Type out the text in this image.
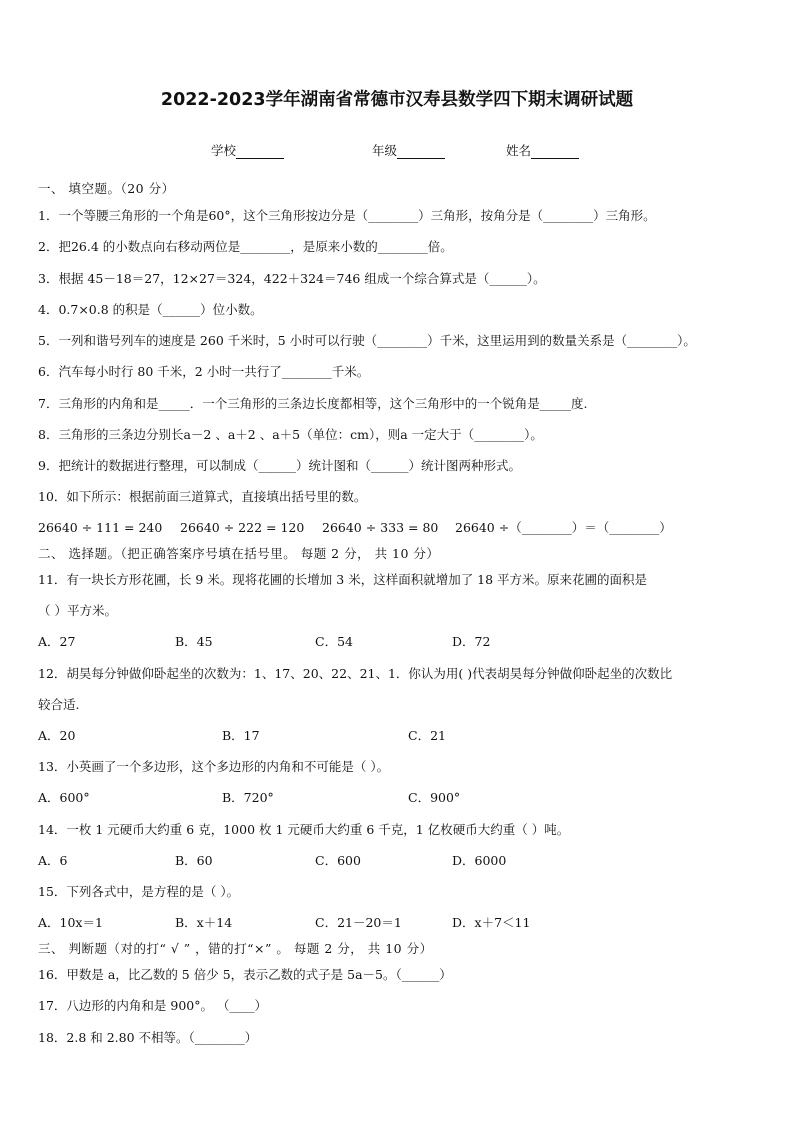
2022-2023学年湖南省常德市汉寿县数学四下期末调研试题
学校	年级	姓名
一、 填空题。（20 分）
1．一个等腰三角形的一个角是60°，这个三角形按边分是（________）三角形，按角分是（________）三角形。
2．把26.4 的小数点向右移动两位是________，是原来小数的________倍。
3．根据 45－18＝27，12×27＝324，422＋324＝746 组成一个综合算式是（______）。
4．0.7×0.8 的积是（______）位小数。
5．一列和谐号列车的速度是 260 千米时，5 小时可以行驶（________）千米，这里运用到的数量关系是（________）。
6．汽车每小时行 80 千米，2 小时一共行了________千米。
7．三角形的内角和是_____．一个三角形的三条边长度都相等，这个三角形中的一个锐角是_____度.
8．三角形的三条边分别长a－2 、a＋2 、a＋5（单位：cm），则a 一定大于（________）。
9．把统计的数据进行整理，可以制成（______）统计图和（______）统计图两种形式。
10．如下所示：根据前面三道算式，直接填出括号里的数。
26640 ÷ 111 = 240 26640 ÷ 222 = 120 26640 ÷ 333 = 80 26640 ÷（________）＝（________）
二、 选择题。（把正确答案序号填在括号里。 每题 2 分， 共 10 分）
11．有一块长方形花圃，长 9 米。现将花圃的长增加 3 米，这样面积就增加了 18 平方米。原来花圃的面积是
（ ）平方米。
A．27	B．45	C．54	D．72
12．胡昊每分钟做仰卧起坐的次数为：1、17、20、22、21、1．你认为用( )代表胡昊每分钟做仰卧起坐的次数比
较合适.
A．20	B．17	C．21
13．小英画了一个多边形，这个多边形的内角和不可能是（ ）。
A．600°	B．720°	C．900°
14．一枚 1 元硬币大约重 6 克，1000 枚 1 元硬币大约重 6 千克，1 亿枚硬币大约重（ ）吨。
A．6	B．60	C．600	D．6000
15．下列各式中，是方程的是（ ）。
A．10x＝1	B．x＋14	C．21－20＝1	D．x＋7＜11
三、 判断题（对的打“ √ ” ，错的打“×” 。 每题 2 分， 共 10 分）
16．甲数是 a，比乙数的 5 倍少 5，表示乙数的式子是 5a－5。（______）
17．八边形的内角和是 900°。 （____）
18．2.8 和 2.80 不相等。（________）
